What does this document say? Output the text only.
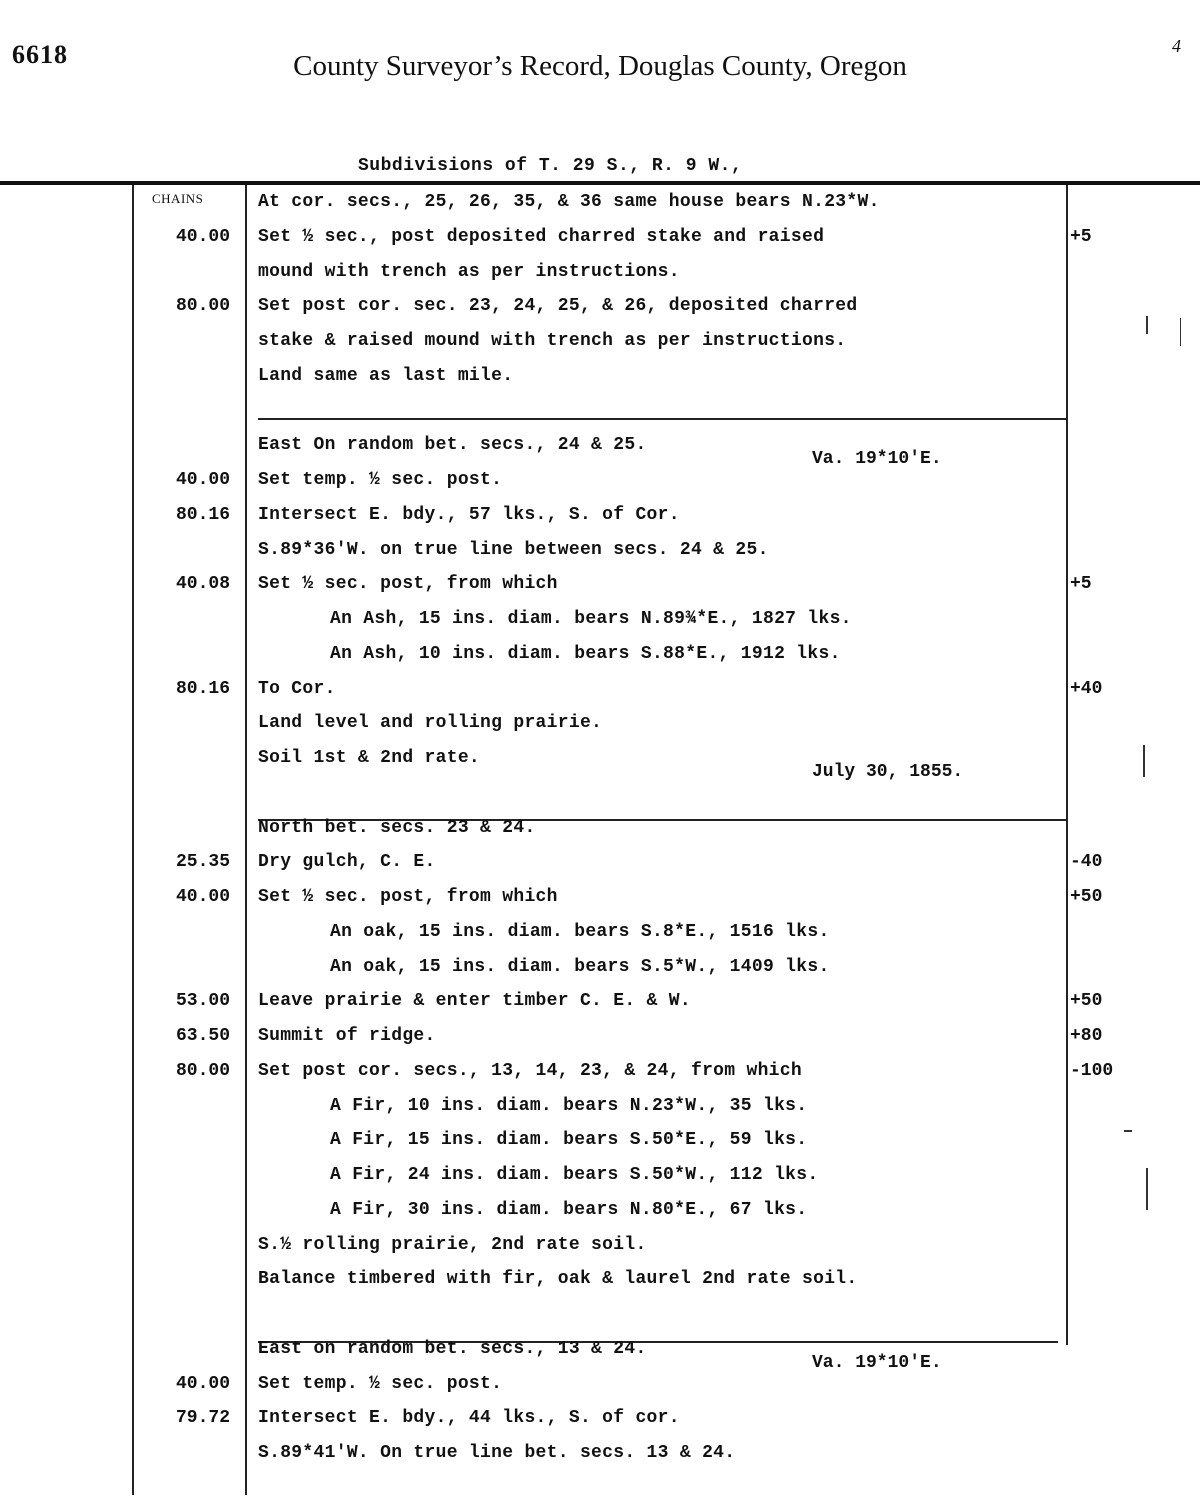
6618	County Surveyor’s Record, Douglas County, Oregon
4
Subdivisions of T. 29 S., R. 9 W.,
CHAINS	At cor. secs., 25, 26, 35, & 36 same house bears N.23*W.
40.00 Set ½ sec., post deposited charred stake and raised	+5
mound with trench as per instructions.
80.00 Set post cor. sec. 23, 24, 25, & 26, deposited charred
stake & raised mound with trench as per instructions.
Land same as last mile.
East On random bet. secs., 24 & 25.
Va. 19*10'E.
40.00 Set temp. ½ sec. post.
80.16 Intersect E. bdy., 57 lks., S. of Cor.
S.89*36'W. on true line between secs. 24 & 25.
40.08 Set ½ sec. post, from which	+5
An Ash, 15 ins. diam. bears N.89¾*E., 1827 lks.
An Ash, 10 ins. diam. bears S.88*E., 1912 lks.
80.16 To Cor.	+40
Land level and rolling prairie.
Soil 1st & 2nd rate.
July 30, 1855.
North bet. secs. 23 & 24.
25.35 Dry gulch, C. E.	-40
40.00 Set ½ sec. post, from which	+50
An oak, 15 ins. diam. bears S.8*E., 1516 lks.
An oak, 15 ins. diam. bears S.5*W., 1409 lks.
53.00 Leave prairie & enter timber C. E. & W.	+50
63.50 Summit of ridge.	+80
80.00 Set post cor. secs., 13, 14, 23, & 24, from which	-100
A Fir, 10 ins. diam. bears N.23*W., 35 lks.
A Fir, 15 ins. diam. bears S.50*E., 59 lks.
A Fir, 24 ins. diam. bears S.50*W., 112 lks.
A Fir, 30 ins. diam. bears N.80*E., 67 lks.
S.½ rolling prairie, 2nd rate soil.
Balance timbered with fir, oak & laurel 2nd rate soil.
East on random bet. secs., 13 & 24.
Va. 19*10'E.
40.00 Set temp. ½ sec. post.
79.72 Intersect E. bdy., 44 lks., S. of cor.
S.89*41'W. On true line bet. secs. 13 & 24.
